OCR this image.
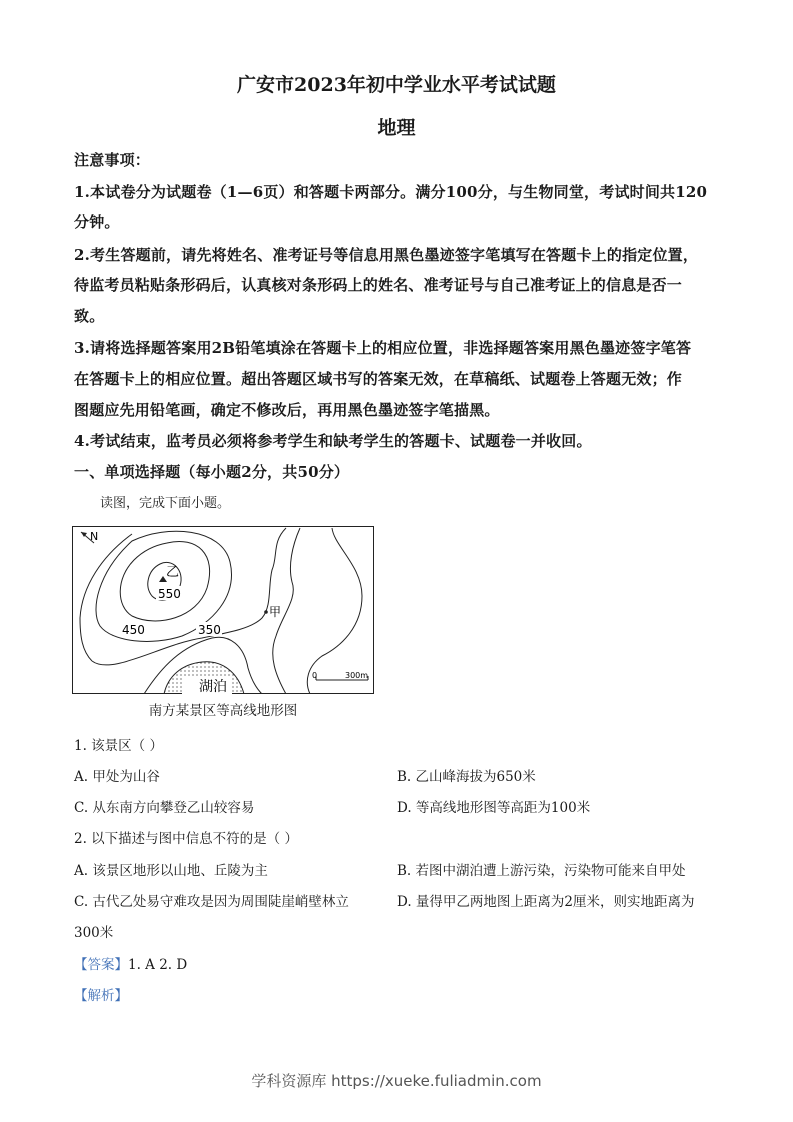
广安市2023年初中学业水平考试试题
地理
注意事项：
1.本试卷分为试题卷（1—6页）和答题卡两部分。满分100分，与生物同堂，考试时间共120
分钟。
2.考生答题前，请先将姓名、准考证号等信息用黑色墨迹签字笔填写在答题卡上的指定位置，
待监考员粘贴条形码后，认真核对条形码上的姓名、准考证号与自己准考证上的信息是否一
致。
3.请将选择题答案用2B铅笔填涂在答题卡上的相应位置，非选择题答案用黑色墨迹签字笔答
在答题卡上的相应位置。超出答题区域书写的答案无效，在草稿纸、试题卷上答题无效；作
图题应先用铅笔画，确定不修改后，再用黑色墨迹签字笔描黑。
4.考试结束，监考员必须将参考学生和缺考学生的答题卡、试题卷一并收回。
一、单项选择题（每小题2分，共50分）
读图，完成下面小题。
N
湖泊
乙
550
450	350
甲
0	300m
南方某景区等高线地形图
1. 该景区（ ）
A. 甲处为山谷	B. 乙山峰海拔为650米
C. 从东南方向攀登乙山较容易	D. 等高线地形图等高距为100米
2. 以下描述与图中信息不符的是（ ）
A. 该景区地形以山地、丘陵为主	B. 若图中湖泊遭上游污染，污染物可能来自甲处
C. 古代乙处易守难攻是因为周围陡崖峭壁林立	D. 量得甲乙两地图上距离为2厘米，则实地距离为
300米
【答案】1. A 2. D
【解析】
学科资源库 https://xueke.fuliadmin.com
